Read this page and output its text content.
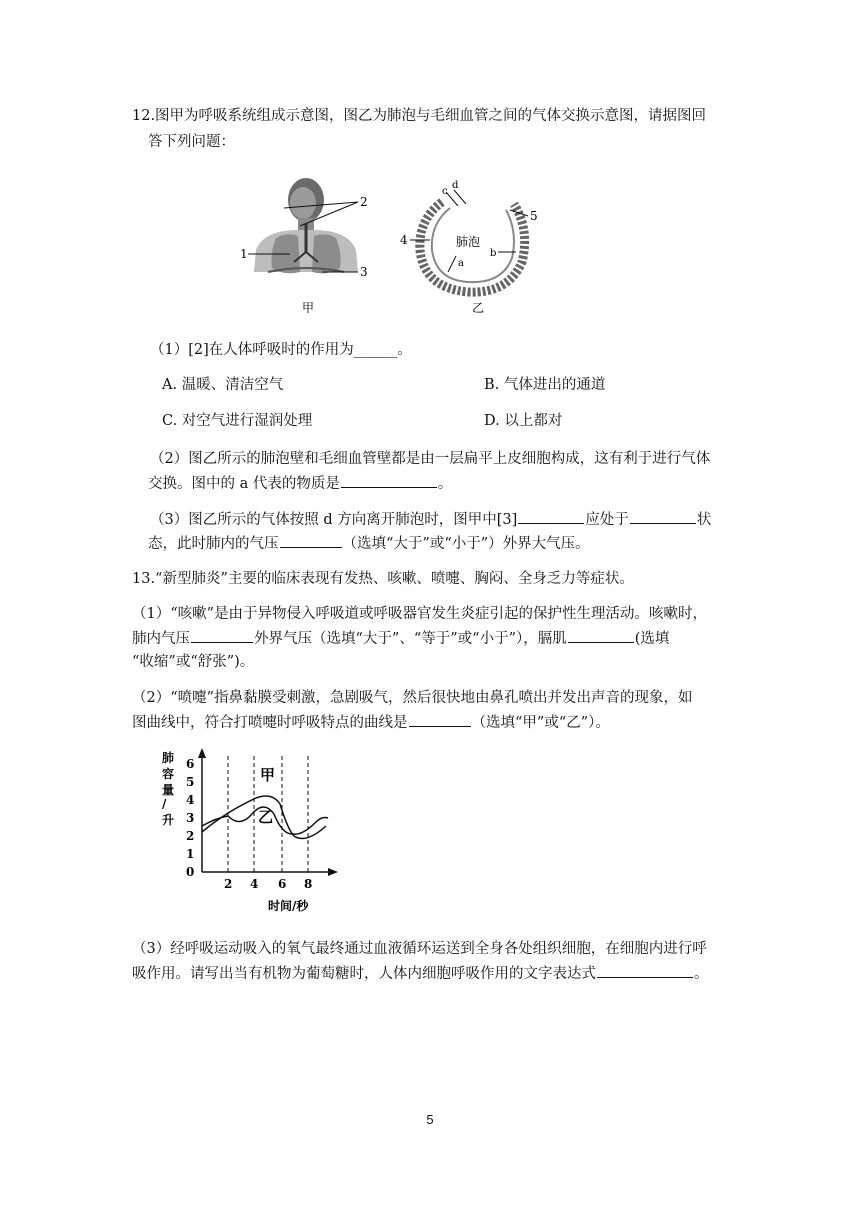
12.图甲为呼吸系统组成示意图，图乙为肺泡与毛细血管之间的气体交换示意图，请据图回
答下列问题：
2
1
3
甲
c
d
4
5
b
a
肺泡
乙
（1）[2]在人体呼吸时的作用为______。
A. 温暖、清洁空气	B. 气体进出的通道
C. 对空气进行湿润处理	D. 以上都对
（2）图乙所示的肺泡壁和毛细血管壁都是由一层扁平上皮细胞构成，这有利于进行气体
交换。图中的 a 代表的物质是	。
（3）图乙所示的气体按照 d 方向离开肺泡时，图甲中[3]	应处于	状
态，此时肺内的气压	（选填“大于”或“小于”）外界大气压。
13.“新型肺炎”主要的临床表现有发热、咳嗽、喷嚏、胸闷、全身乏力等症状。
（1）“咳嗽”是由于异物侵入呼吸道或呼吸器官发生炎症引起的保护性生理活动。咳嗽时，
肺内气压	外界气压（选填“大于”、“等于”或“小于”），膈肌	(选填
“收缩”或“舒张”)。
（2）“喷嚏”指鼻黏膜受刺激，急剧吸气，然后很快地由鼻孔喷出并发出声音的现象，如
图曲线中，符合打喷嚏时呼吸特点的曲线是	（选填“甲”或“乙”）。
肺
容
量
/
升
0
1
2
3
4
5
6
2 4 6 8
甲
乙
时间/秒
（3）经呼吸运动吸入的氧气最终通过血液循环运送到全身各处组织细胞，在细胞内进行呼
吸作用。请写出当有机物为葡萄糖时，人体内细胞呼吸作用的文字表达式	。
5
